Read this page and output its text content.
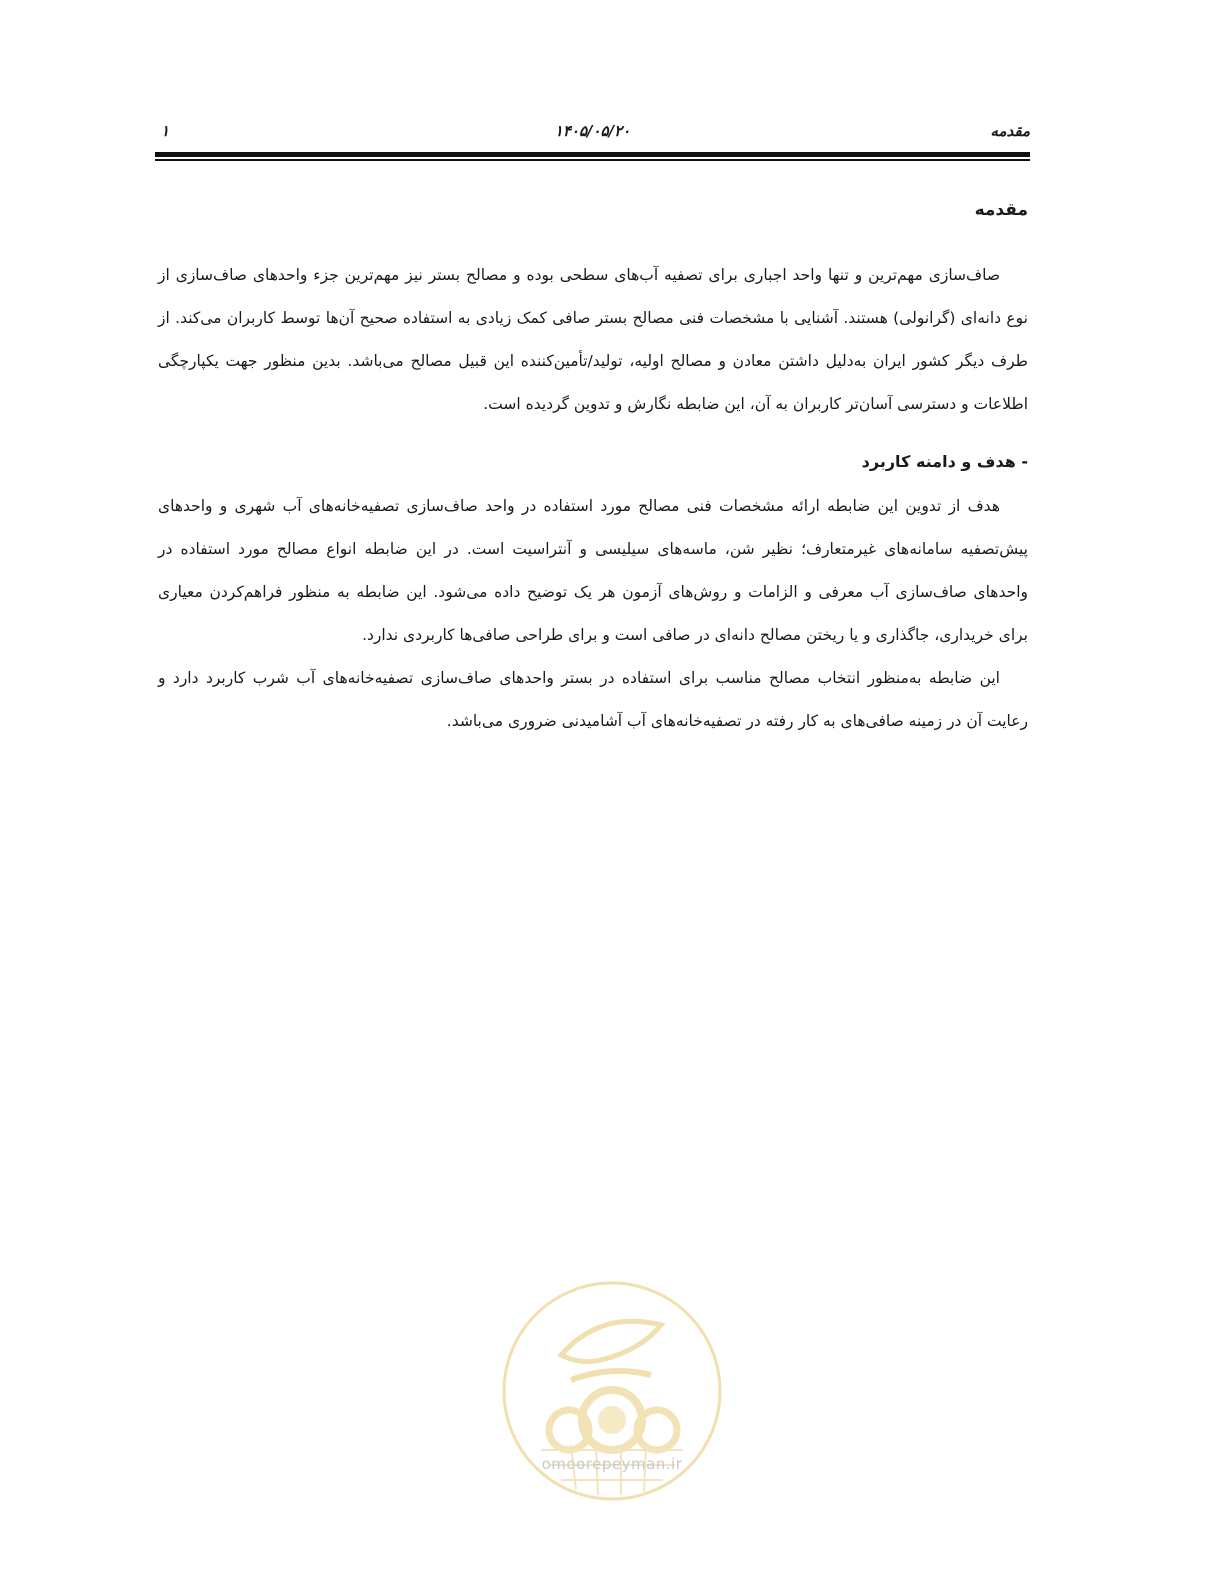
مقدمه
۱۴۰۵/۰۵/۲۰
۱
مقدمه

صاف‌سازی مهم‌ترین و تنها واحد اجباری برای تصفیه آب‌های سطحی بوده و مصالح بستر نیز مهم‌ترین جزء واحدهای صاف‌سازی از نوع دانه‌ای (گرانولی) هستند. آشنایی با مشخصات فنی مصالح بستر صافی کمک زیادی به استفاده صحیح آن‌ها توسط کاربران می‌کند. از طرف دیگر کشور ایران به‌دلیل داشتن معادن و مصالح اولیه، تولید/تأمین‌کننده این قبیل مصالح می‌باشد. بدین منظور جهت یکپارچگی اطلاعات و دسترسی آسان‌تر کاربران به آن، این ضابطه نگارش و تدوین گردیده است.

- هدف و دامنه کاربرد

هدف از تدوین این ضابطه ارائه مشخصات فنی مصالح مورد استفاده در واحد صاف‌سازی تصفیه‌خانه‌های آب شهری و واحدهای پیش‌تصفیه سامانه‌های غیرمتعارف؛ نظیر شن، ماسه‌های سیلیسی و آنتراسیت است. در این ضابطه انواع مصالح مورد استفاده در واحدهای صاف‌سازی آب معرفی و الزامات و روش‌های آزمون هر یک توضیح داده می‌شود. این ضابطه به منظور فراهم‌کردن معیاری برای خریداری، جاگذاری و یا ریختن مصالح دانه‌ای در صافی است و برای طراحی صافی‌ها کاربردی ندارد.

این ضابطه به‌منظور انتخاب مصالح مناسب برای استفاده در بستر واحدهای صاف‌سازی تصفیه‌خانه‌های آب شرب کاربرد دارد و رعایت آن در زمینه صافی‌های به کار رفته در تصفیه‌خانه‌های آب آشامیدنی ضروری می‌باشد.

omoorepeyman.ir
